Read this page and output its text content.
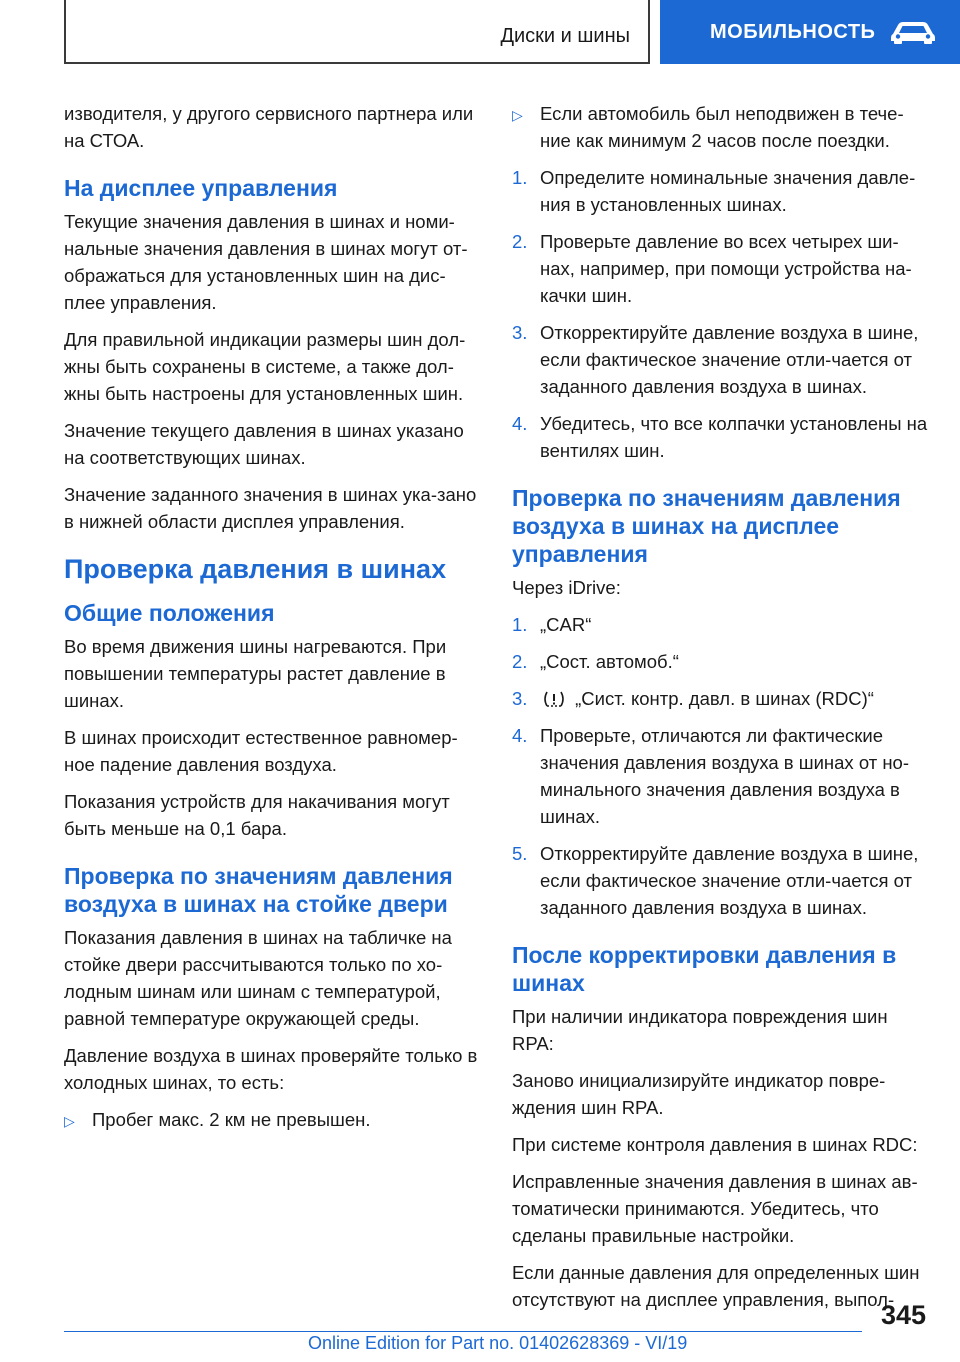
Диски и шины	МОБИЛЬНОСТЬ

изводителя, у другого сервисного партнера или на СТОА.

На дисплее управления

Текущие значения давления в шинах и номи-нальные значения давления в шинах могут от-ображаться для установленных шин на дис-плее управления.

Для правильной индикации размеры шин дол-жны быть сохранены в системе, а также дол-жны быть настроены для установленных шин.

Значение текущего давления в шинах указано на соответствующих шинах.

Значение заданного значения в шинах ука-зано в нижней области дисплея управления.

Проверка давления в шинах
Общие положения

Во время движения шины нагреваются. При повышении температуры растет давление в шинах.

В шинах происходит естественное равномер-ное падение давления воздуха.

Показания устройств для накачивания могут быть меньше на 0,1 бара.

Проверка по значениям давления воздуха в шинах на стойке двери

Показания давления в шинах на табличке на стойке двери рассчитываются только по хо-лодным шинам или шинам с температурой, равной температуре окружающей среды.

Давление воздуха в шинах проверяйте только в холодных шинах, то есть:

▷ Пробег макс. 2 км не превышен.
▷ Если автомобиль был неподвижен в тече-ние как минимум 2 часов после поездки.
1. Определите номинальные значения давле-ния в установленных шинах.
2. Проверьте давление во всех четырех ши-нах, например, при помощи устройства на-качки шин.
3. Откорректируйте давление воздуха в шине, если фактическое значение отли-чается от заданного давления воздуха в шинах.
4. Убедитесь, что все колпачки установлены на вентилях шин.
Проверка по значениям давления воздуха в шинах на дисплее управления

Через iDrive:

1. „CAR“
2. „Сост. автомоб.“
3.	„Сист. контр. давл. в шинах (RDC)“
4. Проверьте, отличаются ли фактические значения давления воздуха в шинах от но-минального значения давления воздуха в шинах.
5. Откорректируйте давление воздуха в шине, если фактическое значение отли-чается от заданного давления воздуха в шинах.
После корректировки давления в шинах

При наличии индикатора повреждения шин RPA:

Заново инициализируйте индикатор повре-ждения шин RPA.

При системе контроля давления в шинах RDC:

Исправленные значения давления в шинах ав-томатически принимаются. Убедитесь, что сделаны правильные настройки.

Если данные давления для определенных шин отсутствуют на дисплее управления, выпол-

345
Online Edition for Part no. 01402628369 - VI/19
